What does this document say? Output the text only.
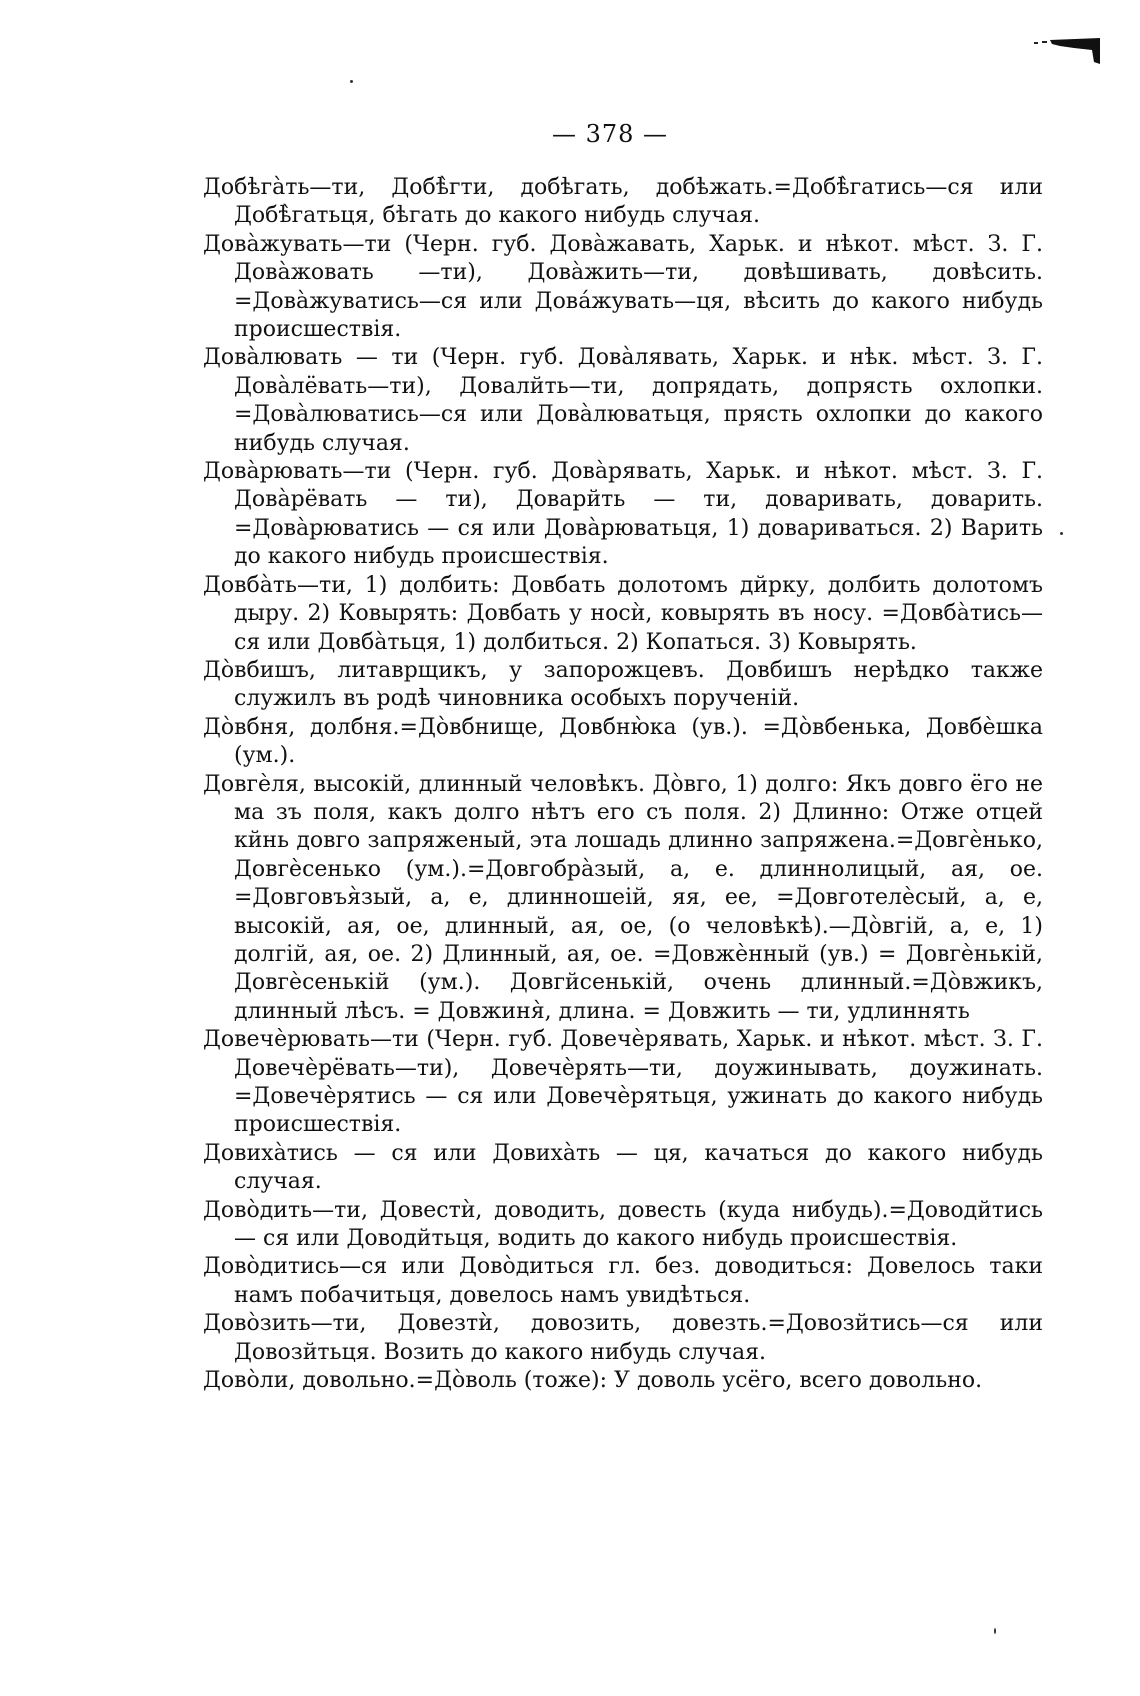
— 378 —

Добѣга̀ть—ти, Добѣ̀гти, добѣгать, добѣжать.=Добѣ̀гатись—ся или Добѣ̀гатьця, бѣгать до какого нибудь случая.

Дова̀жувать—ти (Черн. губ. Дова̀жавать, Харьк. и нѣкот. мѣст. З. Г. Дова̀жовать —ти), Дова̀жить—ти, довѣшивать, довѣсить. =Дова̀жуватись—ся или Дова́жувать—ця, вѣсить до какого нибудь происшествія.

Дова̀лювать — ти (Черн. губ. Дова̀лявать, Харьк. и нѣк. мѣст. З. Г. Дова̀лёвать—ти), Довалйть—ти, допрядать, допрясть охлопки. =Дова̀люватись—ся или Дова̀люватьця, прясть охлопки до какого нибудь случая.

Дова̀рювать—ти (Черн. губ. Дова̀рявать, Харьк. и нѣкот. мѣст. З. Г. Дова̀рёвать — ти), Доварйть — ти, доваривать, доварить. =Дова̀рюватись — ся или Дова̀рюватьця, 1) довариваться. 2) Варить до какого нибудь происшествія.

Довба̀ть—ти, 1) долбить: Довбать долотомъ дйрку, долбить долотомъ дыру. 2) Ковырять: Довбать у носѝ, ковырять въ носу. =Довба̀тись—ся или Довба̀тьця, 1) долбиться. 2) Копаться. 3) Ковырять.

До̀вбишъ, литаврщикъ, у запорожцевъ. Довбишъ нерѣдко также служилъ въ родѣ чиновника особыхъ порученій.

До̀вбня, долбня.=До̀вбнище, Довбню̀ка (ув.). =До̀вбенька, Довбѐшка (ум.).

Довгѐля, высокій, длинный человѣкъ. До̀вго, 1) долго: Якъ довго ёго не ма зъ поля, какъ долго нѣтъ его съ поля. 2) Длинно: Отже отцей кйнь довго запряженый, эта лошадь длинно запряжена.=Довгѐнько, Довгѐсенько (ум.).=Довгобра̀зый, а, е. длиннолицый, ая, ое. =Довговъя̀зый, а, е, длинношеій, яя, ее, =Довготелѐсый, а, е, высокій, ая, ое, длинный, ая, ое, (о человѣкѣ).—До̀вгій, а, е, 1) долгій, ая, ое. 2) Длинный, ая, ое. =Довжѐнный (ув.) = Довгѐнькій, Довгѐсенькій (ум.). Довгйсенькій, очень длинный.=До̀вжикъ, длинный лѣсъ. = Довжиня̀, длина. = Довжить — ти, удлиннять

Довечѐрювать—ти (Черн. губ. Довечѐрявать, Харьк. и нѣкот. мѣст. З. Г. Довечѐрёвать—ти), Довечѐрять—ти, доужинывать, доужинать. =Довечѐрятись — ся или Довечѐрятьця, ужинать до какого нибудь происшествія.

Довиха̀тись — ся или Довиха̀ть — ця, качаться до какого нибудь случая.

Дово̀дить—ти, Довестѝ, доводить, довесть (куда нибудь).=Доводйтись — ся или Доводйтьця, водить до какого нибудь происшествія.

Дово̀дитись—ся или Дово̀диться гл. без. доводиться: Довелось таки намъ побачитьця, довелось намъ увидѣться.

Дово̀зить—ти, Довезтѝ, довозить, довезть.=Довозйтись—ся или Довозйтьця. Возить до какого нибудь случая.

Дово̀ли, довольно.=До̀воль (тоже): У доволь усёго, всего довольно.
